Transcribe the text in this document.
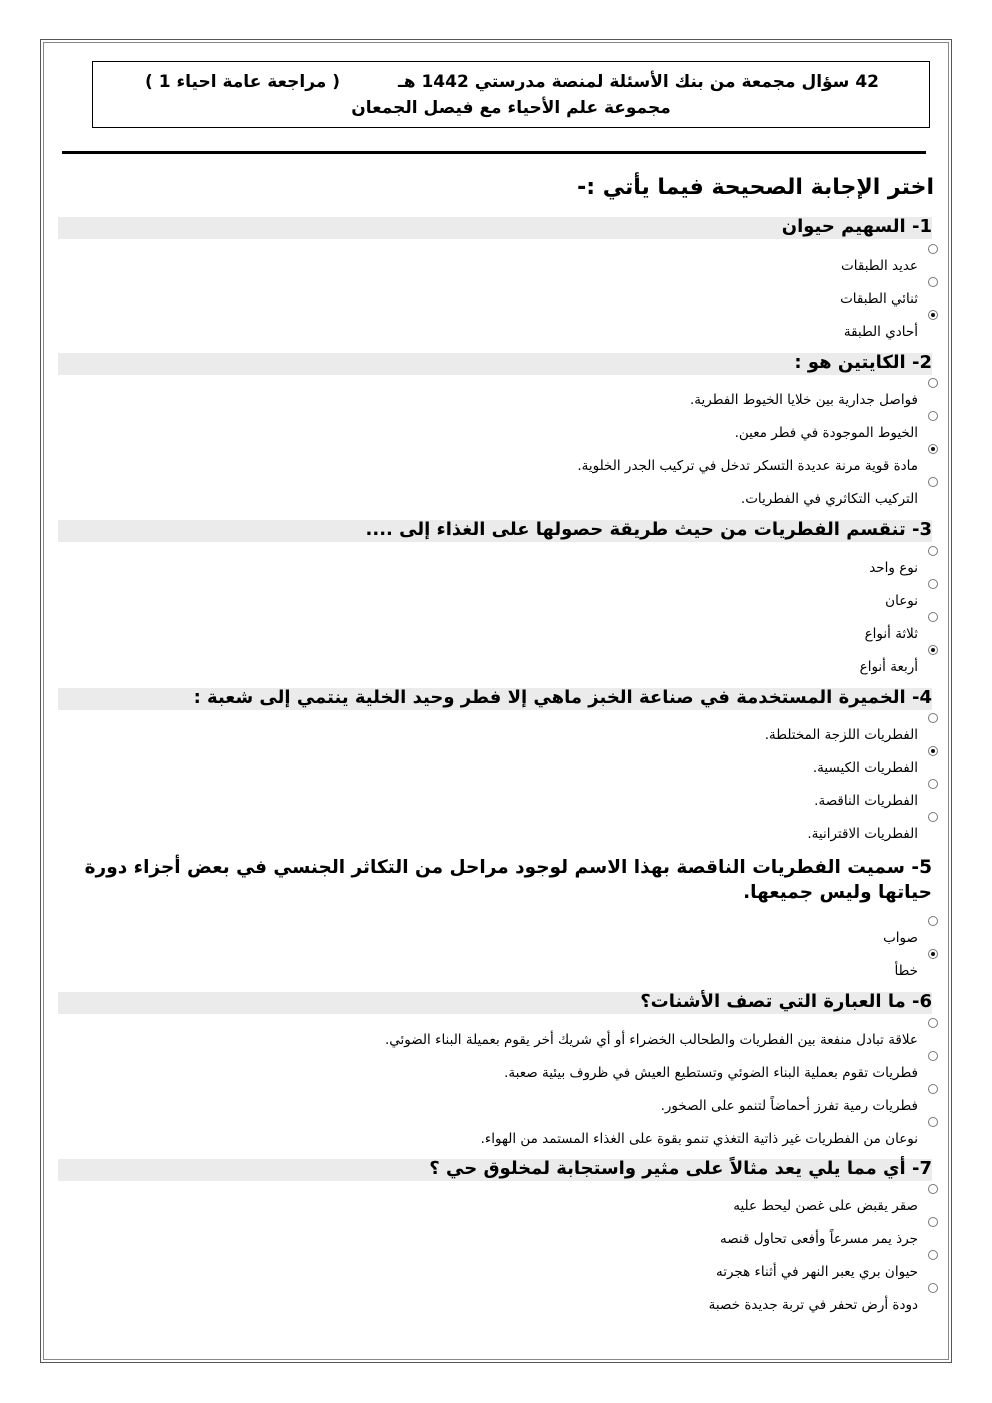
42 سؤال مجمعة من بنك الأسئلة لمنصة مدرستي 1442 هـ
( مراجعة عامة احياء 1 )
مجموعة علم الأحياء مع فيصل الجمعان
اختر الإجابة الصحيحة فيما يأتي :-
1- السهيم حيوان
عديد الطبقات
ثنائي الطبقات
أحادي الطبقة
2- الكايتين هو :
فواصل جدارية بين خلايا الخيوط الفطرية.
الخيوط الموجودة في فطر معين.
مادة قوية مرنة عديدة التسكر تدخل في تركيب الجدر الخلوية.
التركيب التكاثري في الفطريات.
3- تنقسم الفطريات من حيث طريقة حصولها على الغذاء إلى ....
نوع واحد
نوعان
ثلاثة أنواع
أربعة أنواع
4- الخميرة المستخدمة في صناعة الخبز ماهي إلا فطر وحيد الخلية ينتمي إلى شعبة :
الفطريات اللزجة المختلطة.
الفطريات الكيسية.
الفطريات الناقصة.
الفطريات الاقترانية.
5- سميت الفطريات الناقصة بهذا الاسم لوجود مراحل من التكاثر الجنسي في بعض أجزاء دورة حياتها وليس جميعها.
صواب
خطأ
6- ما العبارة التي تصف الأشنات؟
علاقة تبادل منفعة بين الفطريات والطحالب الخضراء أو أي شريك أخر يقوم بعميلة البناء الضوئي.
فطريات تقوم بعملية البناء الضوئي وتستطيع العيش في ظروف بيئية صعبة.
فطريات رمية تفرز أحماضاً لتنمو على الصخور.
نوعان من الفطريات غير ذاتية التغذي تنمو بقوة على الغذاء المستمد من الهواء.
7- أي مما يلي يعد مثالاً على مثير واستجابة لمخلوق حي ؟
صقر يقبض على غصن ليحط عليه
جرذ يمر مسرعاً وأفعى تحاول قنصه
حيوان بري يعبر النهر في أثناء هجرته
دودة أرض تحفر في تربة جديدة خصبة
